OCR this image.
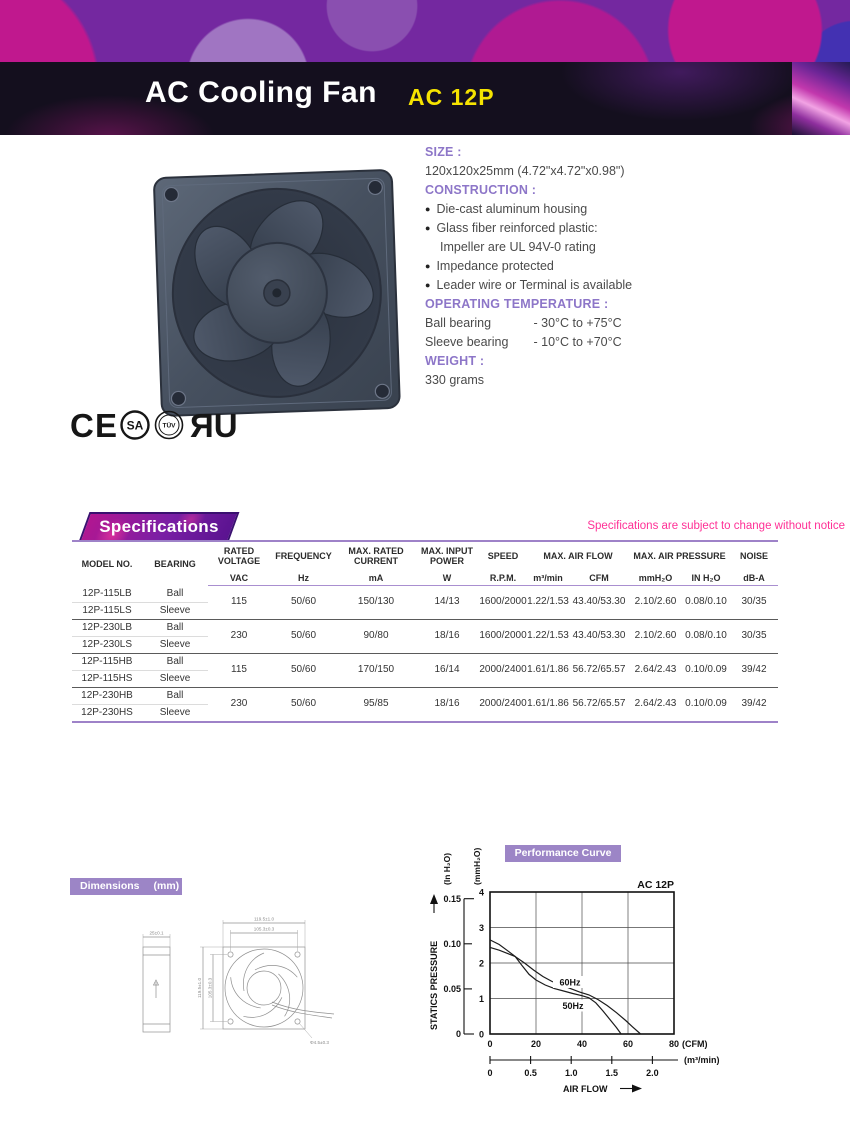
AC Cooling Fan AC 12P
SIZE :
120x120x25mm (4.72"x4.72"x0.98")
CONSTRUCTION :
● Die-cast aluminum housing
● Glass fiber reinforced plastic:
Impeller are UL 94V-0 rating
● Impedance protected
● Leader wire or Terminal is available
OPERATING TEMPERATURE :
Ball bearing	- 30°C to +75°C
Sleeve bearing - 10°C to +70°C
WEIGHT :
330 grams
C E SA	TÜV ЯU
Specifications	Specifications are subject to change without notice
MODEL NO.	BEARING	RATED VOLTAGE	FREQUENCY	MAX. RATED CURRENT	MAX. INPUT POWER	SPEED	MAX. AIR FLOW		MAX. AIR PRESSURE		NOISE
		VAC	Hz	mA	W	R.P.M.	m³/min	CFM	mmH₂O	IN H₂O	dB-A
12P-115LB	Ball	115	50/60	150/130	14/13	1600/2000	1.22/1.53	43.40/53.30	2.10/2.60	0.08/0.10	30/35
12P-115LS	Sleeve										
12P-230LB	Ball	230	50/60	90/80	18/16	1600/2000	1.22/1.53	43.40/53.30	2.10/2.60	0.08/0.10	30/35
12P-230LS	Sleeve										
12P-115HB	Ball	115	50/60	170/150	16/14	2000/2400	1.61/1.86	56.72/65.57	2.64/2.43	0.10/0.09	39/42
12P-115HS	Sleeve										
12P-230HB	Ball	230	50/60	95/85	18/16	2000/2400	1.61/1.86	56.72/65.57	2.64/2.43	0.10/0.09	39/42
12P-230HS	Sleeve										
Dimensions (mm)
25±0.1
119.5±1.0
105.3±0.3
119.5±1.0 105.3±0.3
Φ4.5±0.3
Performance Curve
AC 12P
0.15
0.10
0.05
0
4
3
2
1
0
(In H₂O) (mmH₂O)
STATICS PRESSURE
0	20	40	60	80 (CFM)
0	0.5	1.0	1.5	2.0
(m³/min)
AIR FLOW
60Hz
50Hz
